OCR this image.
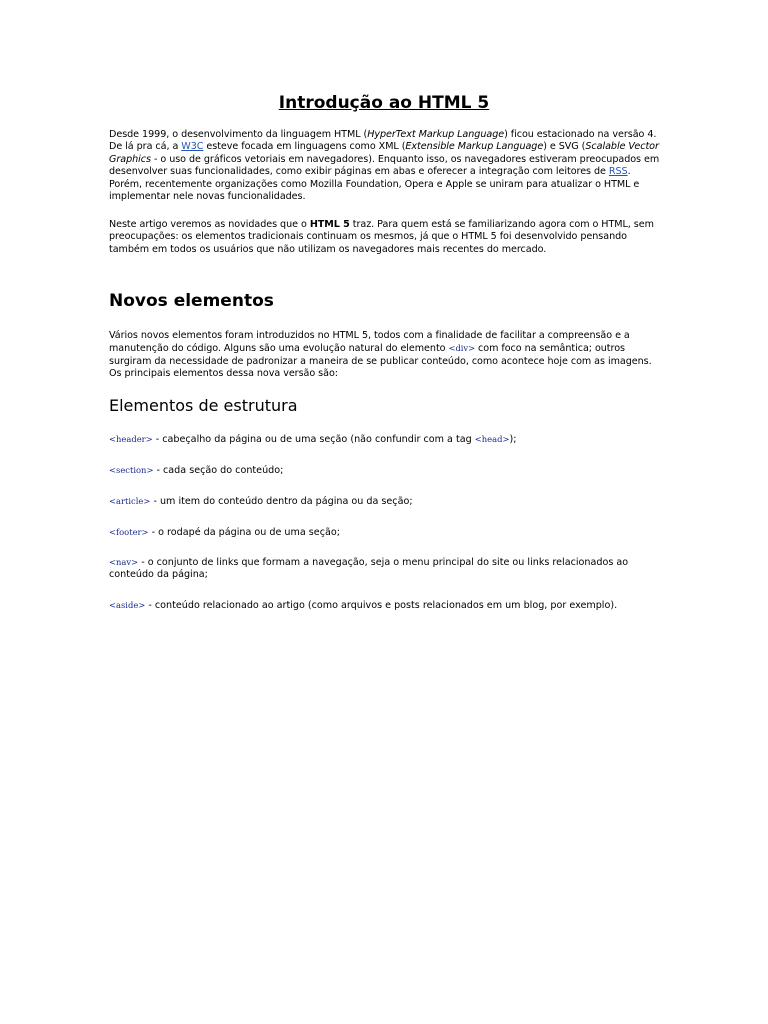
Introdução ao HTML 5

Desde 1999, o desenvolvimento da linguagem HTML (HyperText Markup Language) ficou estacionado na versão 4. De lá pra cá, a W3C esteve focada em linguagens como XML (Extensible Markup Language) e SVG (Scalable Vector Graphics - o uso de gráficos vetoriais em navegadores). Enquanto isso, os navegadores estiveram preocupados em desenvolver suas funcionalidades, como exibir páginas em abas e oferecer a integração com leitores de RSS. Porém, recentemente organizações como Mozilla Foundation, Opera e Apple se uniram para atualizar o HTML e implementar nele novas funcionalidades.

Neste artigo veremos as novidades que o HTML 5 traz. Para quem está se familiarizando agora com o HTML, sem preocupações: os elementos tradicionais continuam os mesmos, já que o HTML 5 foi desenvolvido pensando também em todos os usuários que não utilizam os navegadores mais recentes do mercado.

Novos elementos

Vários novos elementos foram introduzidos no HTML 5, todos com a finalidade de facilitar a compreensão e a manutenção do código. Alguns são uma evolução natural do elemento <div> com foco na semântica; outros surgiram da necessidade de padronizar a maneira de se publicar conteúdo, como acontece hoje com as imagens. Os principais elementos dessa nova versão são:

Elementos de estrutura

<header> - cabeçalho da página ou de uma seção (não confundir com a tag <head>);

<section> - cada seção do conteúdo;

<article> - um item do conteúdo dentro da página ou da seção;

<footer> - o rodapé da página ou de uma seção;

<nav> - o conjunto de links que formam a navegação, seja o menu principal do site ou links relacionados ao conteúdo da página;

<aside> - conteúdo relacionado ao artigo (como arquivos e posts relacionados em um blog, por exemplo).
